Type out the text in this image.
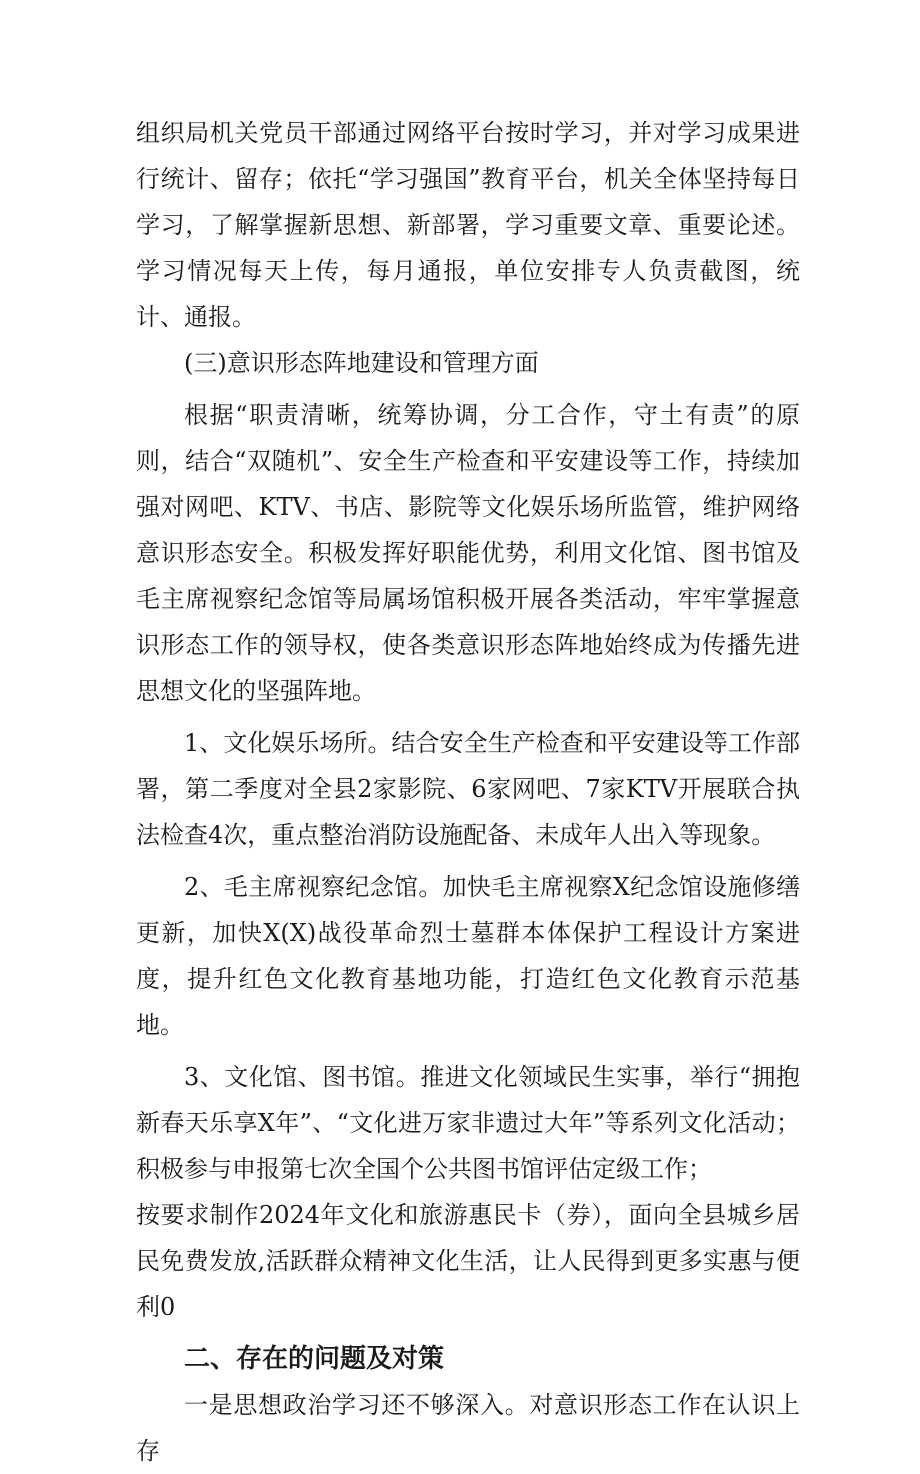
组织局机关党员干部通过网络平台按时学习，并对学习成果进行统计、留存；依托“学习强国”教育平台，机关全体坚持每日学习，了解掌握新思想、新部署，学习重要文章、重要论述。学习情况每天上传，每月通报，单位安排专人负责截图，统计、通报。

(三)意识形态阵地建设和管理方面

根据“职责清晰，统筹协调，分工合作，守土有责”的原则，结合“双随机”、安全生产检查和平安建设等工作，持续加强对网吧、KTV、书店、影院等文化娱乐场所监管，维护网络意识形态安全。积极发挥好职能优势，利用文化馆、图书馆及毛主席视察纪念馆等局属场馆积极开展各类活动，牢牢掌握意识形态工作的领导权，使各类意识形态阵地始终成为传播先进思想文化的坚强阵地。

1、文化娱乐场所。结合安全生产检查和平安建设等工作部署，第二季度对全县2家影院、6家网吧、7家KTV开展联合执法检查4次，重点整治消防设施配备、未成年人出入等现象。

2、毛主席视察纪念馆。加快毛主席视察X纪念馆设施修缮更新，加快X(X)战役革命烈士墓群本体保护工程设计方案进度，提升红色文化教育基地功能，打造红色文化教育示范基地。

3、文化馆、图书馆。推进文化领域民生实事，举行“拥抱新春天乐享X年”、“文化进万家非遗过大年”等系列文化活动；积极参与申报第七次全国个公共图书馆评估定级工作；

按要求制作2024年文化和旅游惠民卡（券），面向全县城乡居民免费发放,活跃群众精神文化生活，让人民得到更多实惠与便利0

二、存在的问题及对策

一是思想政治学习还不够深入。对意识形态工作在认识上存
